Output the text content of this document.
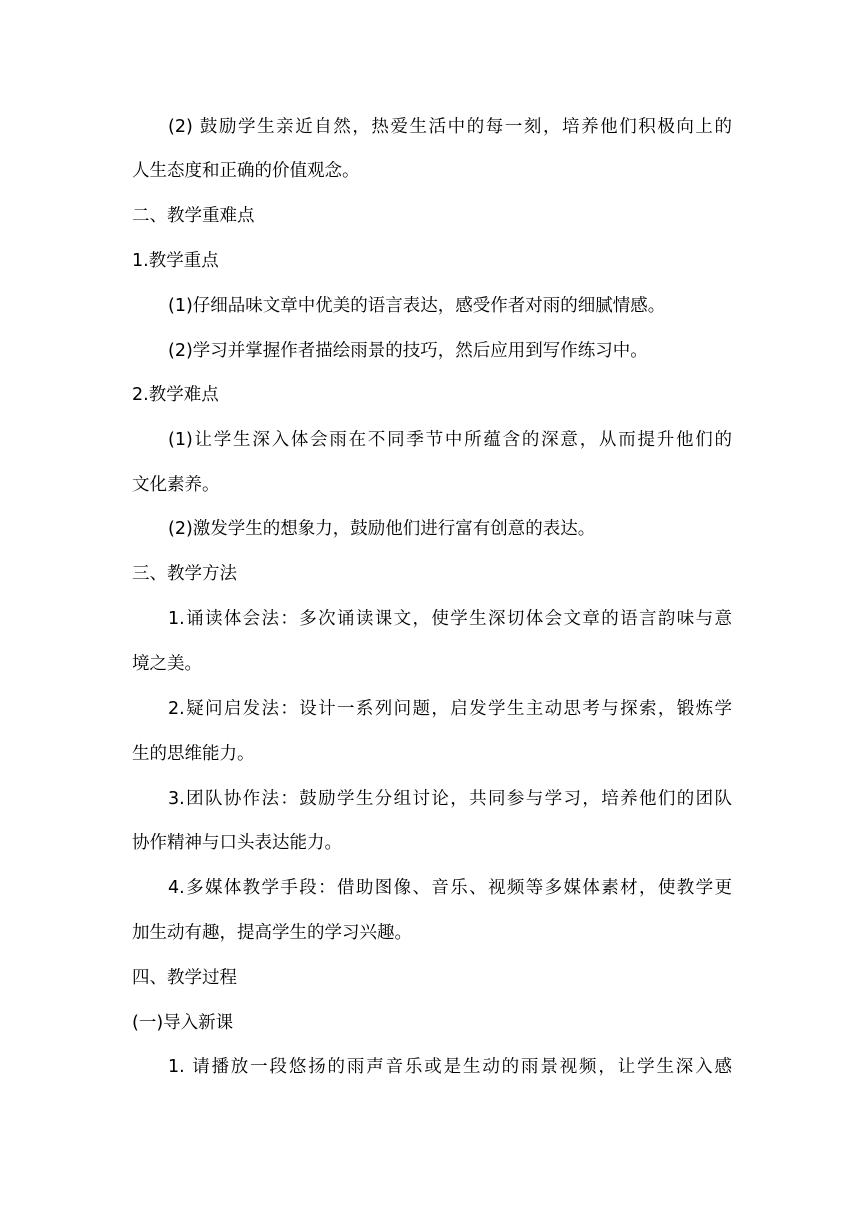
(2) 鼓励学生亲近自然，热爱生活中的每一刻，培养他们积极向上的
人生态度和正确的价值观念。
二、教学重难点
1.教学重点
(1)仔细品味文章中优美的语言表达，感受作者对雨的细腻情感。
(2)学习并掌握作者描绘雨景的技巧，然后应用到写作练习中。
2.教学难点
(1)让学生深入体会雨在不同季节中所蕴含的深意，从而提升他们的
文化素养。
(2)激发学生的想象力，鼓励他们进行富有创意的表达。
三、教学方法
1.诵读体会法：多次诵读课文，使学生深切体会文章的语言韵味与意
境之美。
2.疑问启发法：设计一系列问题，启发学生主动思考与探索，锻炼学
生的思维能力。
3.团队协作法：鼓励学生分组讨论，共同参与学习，培养他们的团队
协作精神与口头表达能力。
4.多媒体教学手段：借助图像、音乐、视频等多媒体素材，使教学更
加生动有趣，提高学生的学习兴趣。
四、教学过程
(一)导入新课
1. 请播放一段悠扬的雨声音乐或是生动的雨景视频，让学生深入感
